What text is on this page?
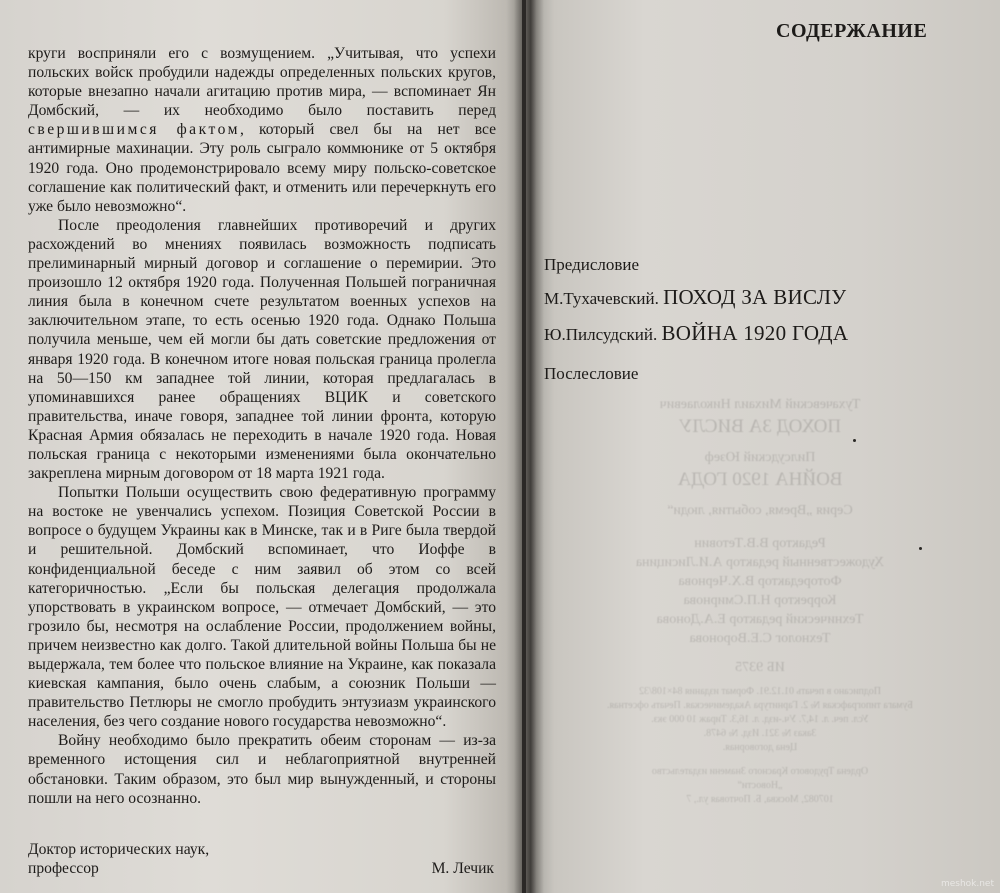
круги восприняли его с возмущением. „Учитывая, что успехи польских войск пробудили надежды определенных польских кругов, которые внезапно начали агитацию против мира, — вспоминает Ян Домбский, — их необходимо было поставить перед свершившимся фактом, который свел бы на нет все антимирные махинации. Эту роль сыграло коммюнике от 5 октября 1920 года. Оно продемонстрировало всему миру польско-советское соглашение как политический факт, и отменить или перечеркнуть его уже было невозможно“.

После преодоления главнейших противоречий и других расхождений во мнениях появилась возможность подписать прелиминарный мирный договор и соглашение о перемирии. Это произошло 12 октября 1920 года. Полученная Польшей пограничная линия была в конечном счете результатом военных успехов на заключительном этапе, то есть осенью 1920 года. Однако Польша получила меньше, чем ей могли бы дать советские предложения от января 1920 года. В конечном итоге новая польская граница пролегла на 50—150 км западнее той линии, которая предлагалась в упоминавшихся ранее обращениях ВЦИК и советского правительства, иначе говоря, западнее той линии фронта, которую Красная Армия обязалась не переходить в начале 1920 года. Новая польская граница с некоторыми изменениями была окончательно закреплена мирным договором от 18 марта 1921 года.

Попытки Польши осуществить свою федеративную программу на востоке не увенчались успехом. Позиция Советской России в вопросе о будущем Украины как в Минске, так и в Риге была твердой и решительной. Домбский вспоминает, что Иоффе в конфиденциальной беседе с ним заявил об этом со всей категоричностью. „Если бы польская делегация продолжала упорствовать в украинском вопросе, — отмечает Домбский, — это грозило бы, несмотря на ослабление России, продолжением войны, причем неизвестно как долго. Такой длительной войны Польша бы не выдержала, тем более что польское влияние на Украине, как показала киевская кампания, было очень слабым, а союзник Польши — правительство Петлюры не смогло пробудить энтузиазм украинского населения, без чего создание нового государства невозможно“.

Войну необходимо было прекратить обеим сторонам — из-за временного истощения сил и неблагоприятной внутренней обстановки. Таким образом, это был мир вынужденный, и стороны пошли на него осознанно.

Доктор исторических наук,
профессор	М. Лечик
СОДЕРЖАНИЕ
Предисловие
М.Тухачевский. ПОХОД ЗА ВИСЛУ
Ю.Пилсудский. ВОЙНА 1920 ГОДА
Послесловие
Тухачевский Михаил Николаевич
ПОХОД ЗА ВИСЛУ
Пилсудский Юзеф
ВОЙНА 1920 ГОДА
Серия „Время, события, люди“
Редактор В.В.Тетовин
Художественный редактор А.И.Лисицина
Фоторедактор В.Х.Чернова
Корректор Н.П.Смирнова
Технический редактор Е.А.Донова
Технолог С.Е.Воронова
ИБ 9375
Подписано в печать 01.12.91. Формат издания 84×108/32
Бумага типографская № 2. Гарнитура Академическая. Печать офсетная.
Усл. печ. л. 14,7. Уч.-изд. л. 16,3. Тираж 10 000 экз.
Заказ № 321. Изд. № 6478.
Цена договорная.
Ордена Трудового Красного Знамени издательство
„Новости“
107082, Москва, Б. Почтовая ул., 7
meshok.net
